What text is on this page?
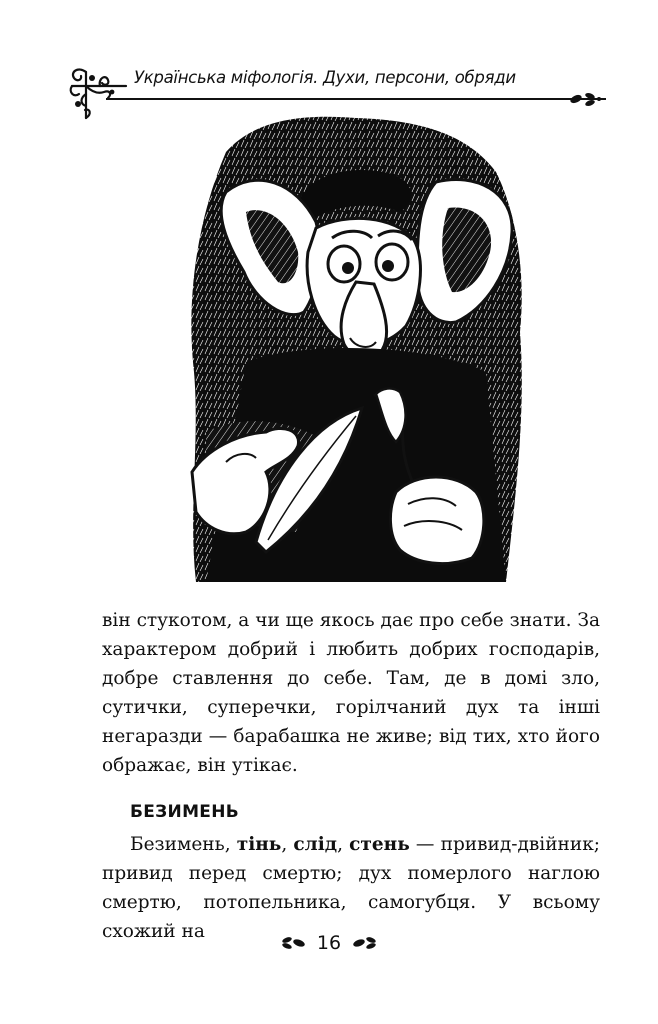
Українська міфологія. Духи, персони, обряди

він стукотом, а чи ще якось дає про себе знати. За характером добрий і любить добрих господарів, добре ставлення до себе. Там, де в домі зло, сутички, суперечки, горілчаний дух та інші негаразди — барабашка не живе; від тих, хто його ображає, він утікає.

БЕЗИМЕНЬ

Безимень, тінь, слід, стень — привид-двійник; привид перед смертю; дух померлого наглою смертю, потопельника, самогубця. У всьому схожий на

16
